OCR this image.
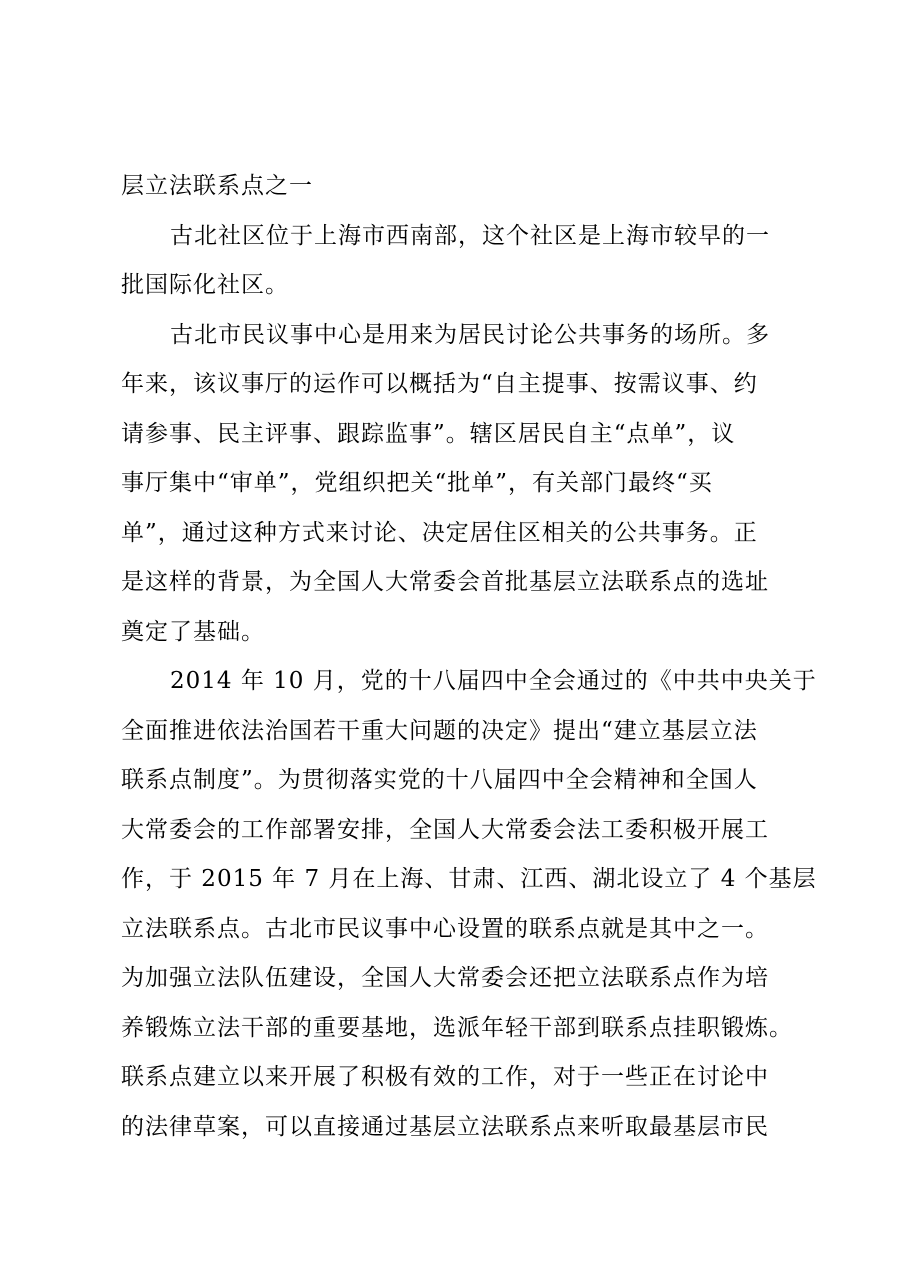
层立法联系点之一
古北社区位于上海市西南部，这个社区是上海市较早的一
批国际化社区。
古北市民议事中心是用来为居民讨论公共事务的场所。多
年来，该议事厅的运作可以概括为“自主提事、按需议事、约
请参事、民主评事、跟踪监事”。辖区居民自主“点单”，议
事厅集中“审单”，党组织把关“批单”，有关部门最终“买
单”，通过这种方式来讨论、决定居住区相关的公共事务。正
是这样的背景，为全国人大常委会首批基层立法联系点的选址
奠定了基础。
2014 年 10 月，党的十八届四中全会通过的《中共中央关于
全面推进依法治国若干重大问题的决定》提出“建立基层立法
联系点制度”。为贯彻落实党的十八届四中全会精神和全国人
大常委会的工作部署安排，全国人大常委会法工委积极开展工
作，于 2015 年 7 月在上海、甘肃、江西、湖北设立了 4 个基层
立法联系点。古北市民议事中心设置的联系点就是其中之一。
为加强立法队伍建设，全国人大常委会还把立法联系点作为培
养锻炼立法干部的重要基地，选派年轻干部到联系点挂职锻炼。
联系点建立以来开展了积极有效的工作，对于一些正在讨论中
的法律草案，可以直接通过基层立法联系点来听取最基层市民
